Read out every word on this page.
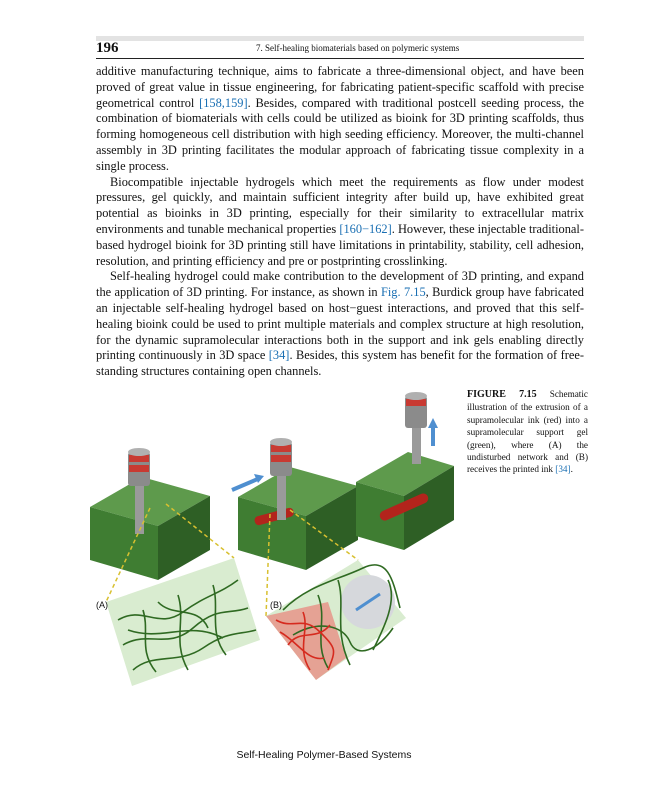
196	7. Self-healing biomaterials based on polymeric systems

additive manufacturing technique, aims to fabricate a three-dimensional object, and have been proved of great value in tissue engineering, for fabricating patient-specific scaffold with precise geometrical control [158,159]. Besides, compared with traditional postcell seeding process, the combination of biomaterials with cells could be utilized as bioink for 3D printing scaffolds, thus forming homogeneous cell distribution with high seeding efficiency. Moreover, the multi-channel assembly in 3D printing facilitates the modular approach of fabricating tissue complexity in a single process.

Biocompatible injectable hydrogels which meet the requirements as flow under modest pressures, gel quickly, and maintain sufficient integrity after build up, have exhibited great potential as bioinks in 3D printing, especially for their similarity to extracellular matrix environments and tunable mechanical properties [160−162]. However, these injectable traditional-based hydrogel bioink for 3D printing still have limitations in printability, stability, cell adhesion, resolution, and printing efficiency and pre or postprinting crosslinking.

Self-healing hydrogel could make contribution to the development of 3D printing, and expand the application of 3D printing. For instance, as shown in Fig. 7.15, Burdick group have fabricated an injectable self-healing hydrogel based on host−guest interactions, and proved that this self-healing bioink could be used to print multiple materials and complex structure at high resolution, for the dynamic supramolecular interactions both in the support and ink gels enabling directly printing continuously in 3D space [34]. Besides, this system has benefit for the formation of free-standing structures containing open channels.

(A)	(B)

FIGURE 7.15 Schematic illustration of the extrusion of a supramolecular ink (red) into a supramolecular support gel (green), where (A) the undisturbed network and (B) receives the printed ink [34].

Self-Healing Polymer-Based Systems
